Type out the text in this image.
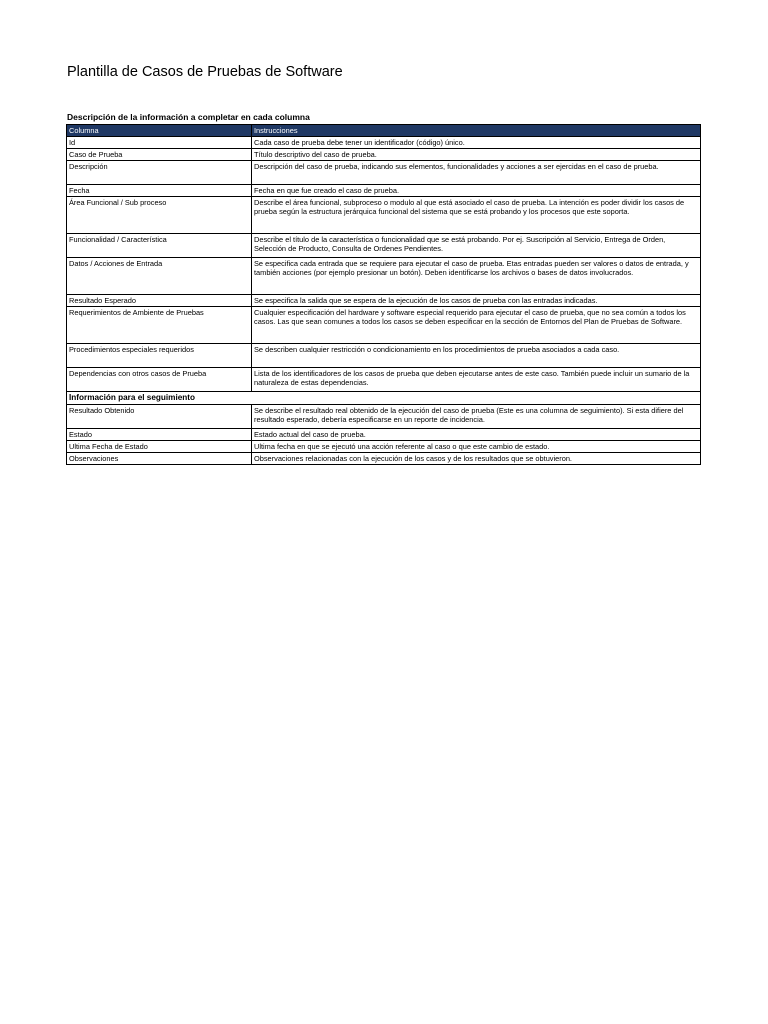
Plantilla de Casos de Pruebas de Software
Descripción de la información a completar en cada columna
Columna	Instrucciones
Id	Cada caso de prueba debe tener un identificador (código) único.
Caso de Prueba	Título descriptivo del caso de prueba.
Descripción	Descripción del caso de prueba, indicando sus elementos, funcionalidades y acciones a ser ejercidas en el caso de prueba.
Fecha	Fecha en que fue creado el caso de prueba.
Área Funcional / Sub proceso	Describe el área funcional, subproceso o modulo al que está asociado el caso de prueba. La intención es poder dividir los casos de prueba según la estructura jerárquica funcional del sistema que se está probando y los procesos que este soporta.
Funcionalidad / Característica	Describe el título de la característica o funcionalidad que se está probando. Por ej. Suscripción al Servicio, Entrega de Orden, Selección de Producto, Consulta de Ordenes Pendientes.
Datos / Acciones de Entrada	Se especifica cada entrada que se requiere para ejecutar el caso de prueba. Etas entradas pueden ser valores o datos de entrada, y también acciones (por ejemplo presionar un botón). Deben identificarse los archivos o bases de datos involucrados.
Resultado Esperado	Se especifica la salida que se espera de la ejecución de los casos de prueba con las entradas indicadas.
Requerimientos de Ambiente de Pruebas	Cualquier especificación del hardware y software especial requerido para ejecutar el caso de prueba, que no sea común a todos los casos. Las que sean comunes a todos los casos se deben especificar en la sección de Entornos del Plan de Pruebas de Software.
Procedimientos especiales requeridos	Se describen cualquier restricción o condicionamiento en los procedimientos de prueba asociados a cada caso.
Dependencias con otros casos de Prueba	Lista de los identificadores de los casos de prueba que deben ejecutarse antes de este caso. También puede incluir un sumario de la naturaleza de estas dependencias.
Información para el seguimiento	
Resultado Obtenido	Se describe el resultado real obtenido de la ejecución del caso de prueba (Este es una columna de seguimiento). Si esta difiere del resultado esperado, debería especificarse en un reporte de incidencia.
Estado	Estado actual del caso de prueba.
Ultima Fecha de Estado	Ultima fecha en que se ejecutó una acción referente al caso o que este cambio de estado.
Observaciones	Observaciones relacionadas con la ejecución de los casos y de los resultados que se obtuvieron.
